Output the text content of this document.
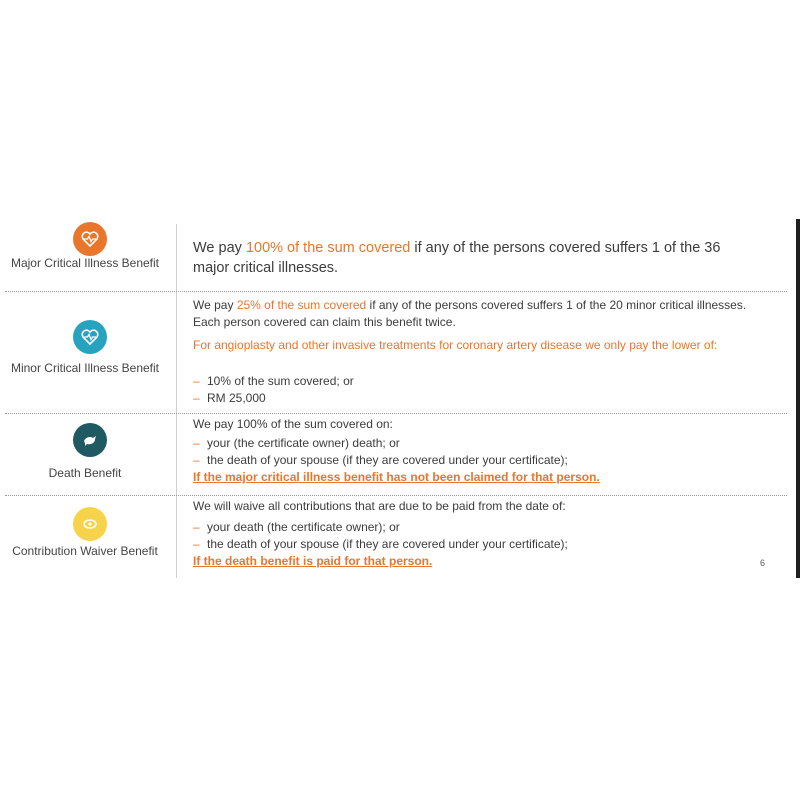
Major Critical Illness Benefit
We pay 100% of the sum covered if any of the persons covered suffers 1 of the 36 major critical illnesses.
Minor Critical Illness Benefit
We pay 25% of the sum covered if any of the persons covered suffers 1 of the 20 minor critical illnesses. Each person covered can claim this benefit twice.
For angioplasty and other invasive treatments for coronary artery disease we only pay the lower of:
– 10% of the sum covered; or
– RM 25,000
Death Benefit
We pay 100% of the sum covered on:
– your (the certificate owner) death; or
– the death of your spouse (if they are covered under your certificate);
If the major critical illness benefit has not been claimed for that person.
Contribution Waiver Benefit
We will waive all contributions that are due to be paid from the date of:
– your death (the certificate owner); or
– the death of your spouse (if they are covered under your certificate);
If the death benefit is paid for that person.	6
